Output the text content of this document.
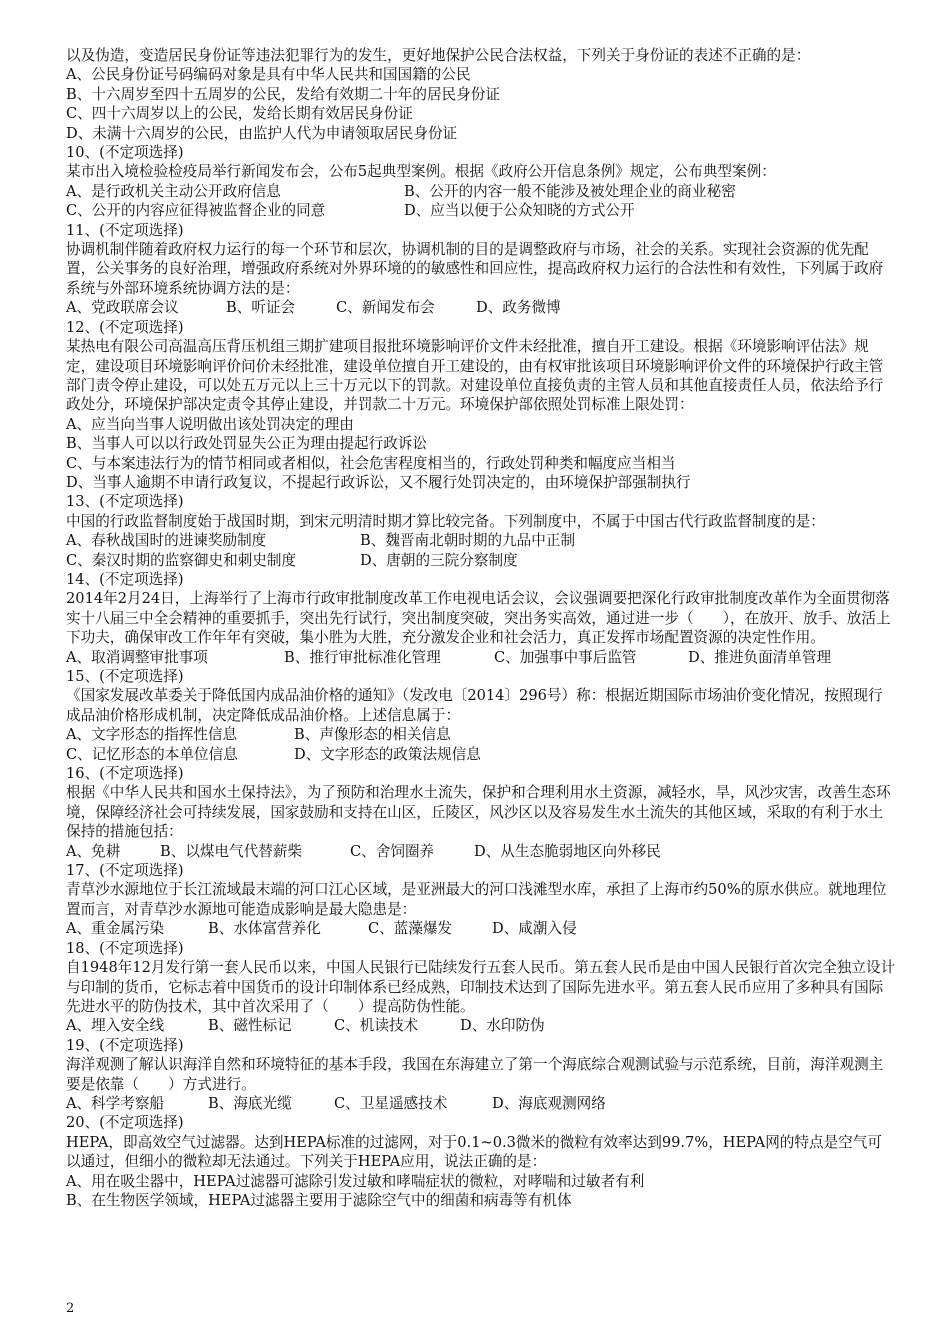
以及伪造，变造居民身份证等违法犯罪行为的发生，更好地保护公民合法权益，下列关于身份证的表述不正确的是：

A、公民身份证号码编码对象是具有中华人民共和国国籍的公民

B、十六周岁至四十五周岁的公民，发给有效期二十年的居民身份证

C、四十六周岁以上的公民，发给长期有效居民身份证

D、未满十六周岁的公民，由监护人代为申请领取居民身份证

10、(不定项选择)

某市出入境检验检疫局举行新闻发布会，公布5起典型案例。根据《政府公开信息条例》规定，公布典型案例：

A、是行政机关主动公开政府信息	B、公开的内容一般不能涉及被处理企业的商业秘密
C、公开的内容应征得被监督企业的同意	D、应当以便于公众知晓的方式公开

11、(不定项选择)

协调机制伴随着政府权力运行的每一个环节和层次，协调机制的目的是调整政府与市场，社会的关系。实现社会资源的优先配置，公关事务的良好治理，增强政府系统对外界环境的的敏感性和回应性，提高政府权力运行的合法性和有效性，下列属于政府系统与外部环境系统协调方法的是：

A、党政联席会议	B、听证会	C、新闻发布会	D、政务微博

12、(不定项选择)

某热电有限公司高温高压背压机组三期扩建项目报批环境影响评价文件未经批准，擅自开工建设。根据《环境影响评估法》规定，建设项目环境影响评价问价未经批准，建设单位擅自开工建设的，由有权审批该项目环境影响评价文件的环境保护行政主管部门责令停止建设，可以处五万元以上三十万元以下的罚款。对建设单位直接负责的主管人员和其他直接责任人员，依法给予行政处分，环境保护部决定责令其停止建设，并罚款二十万元。环境保护部依照处罚标准上限处罚：

A、应当向当事人说明做出该处罚决定的理由

B、当事人可以以行政处罚显失公正为理由提起行政诉讼

C、与本案违法行为的情节相同或者相似，社会危害程度相当的，行政处罚种类和幅度应当相当

D、当事人逾期不申请行政复议，不提起行政诉讼，又不履行处罚决定的，由环境保护部强制执行

13、(不定项选择)

中国的行政监督制度始于战国时期，到宋元明清时期才算比较完备。下列制度中，不属于中国古代行政监督制度的是：

A、春秋战国时的进谏奖励制度	B、魏晋南北朝时期的九品中正制
C、秦汉时期的监察御史和刺史制度	D、唐朝的三院分察制度

14、(不定项选择)

2014年2月24日，上海举行了上海市行政审批制度改革工作电视电话会议，会议强调要把深化行政审批制度改革作为全面贯彻落实十八届三中全会精神的重要抓手，突出先行试行，突出制度突破，突出务实高效，通过进一步（　　），在放开、放手、放活上下功夫，确保审改工作年年有突破，集小胜为大胜，充分激发企业和社会活力，真正发挥市场配置资源的决定性作用。

A、取消调整审批事项	B、推行审批标准化管理	C、加强事中事后监管	D、推进负面清单管理

15、(不定项选择)

《国家发展改革委关于降低国内成品油价格的通知》（发改电〔2014〕296号）称：根据近期国际市场油价变化情况，按照现行成品油价格形成机制，决定降低成品油价格。上述信息属于：

A、文字形态的指挥性信息	B、声像形态的相关信息
C、记忆形态的本单位信息	D、文字形态的政策法规信息

16、(不定项选择)

根据《中华人民共和国水土保持法》，为了预防和治理水土流失，保护和合理利用水土资源，减轻水，旱，风沙灾害，改善生态环境，保障经济社会可持续发展，国家鼓励和支持在山区，丘陵区，风沙区以及容易发生水土流失的其他区域，采取的有利于水土保持的措施包括：

A、免耕	B、以煤电气代替薪柴	C、舍饲圈养	D、从生态脆弱地区向外移民

17、(不定项选择)

青草沙水源地位于长江流域最末端的河口江心区域，是亚洲最大的河口浅滩型水库，承担了上海市约50%的原水供应。就地理位置而言，对青草沙水源地可能造成影响是最大隐患是：

A、重金属污染	B、水体富营养化	C、蓝藻爆发	D、咸潮入侵

18、(不定项选择)

自1948年12月发行第一套人民币以来，中国人民银行已陆续发行五套人民币。第五套人民币是由中国人民银行首次完全独立设计与印制的货币，它标志着中国货币的设计印制体系已经成熟，印制技术达到了国际先进水平。第五套人民币应用了多种具有国际先进水平的防伪技术，其中首次采用了（　　）提高防伪性能。

A、埋入安全线	B、磁性标记	C、机读技术	D、水印防伪

19、(不定项选择)

海洋观测了解认识海洋自然和环境特征的基本手段，我国在东海建立了第一个海底综合观测试验与示范系统，目前，海洋观测主要是依靠（　　）方式进行。

A、科学考察船	B、海底光缆	C、卫星遥感技术	D、海底观测网络

20、(不定项选择)

HEPA，即高效空气过滤器。达到HEPA标准的过滤网，对于0.1~0.3微米的微粒有效率达到99.7%，HEPA网的特点是空气可以通过，但细小的微粒却无法通过。下列关于HEPA应用，说法正确的是：

A、用在吸尘器中，HEPA过滤器可滤除引发过敏和哮喘症状的微粒，对哮喘和过敏者有利

B、在生物医学领域，HEPA过滤器主要用于滤除空气中的细菌和病毒等有机体

2
